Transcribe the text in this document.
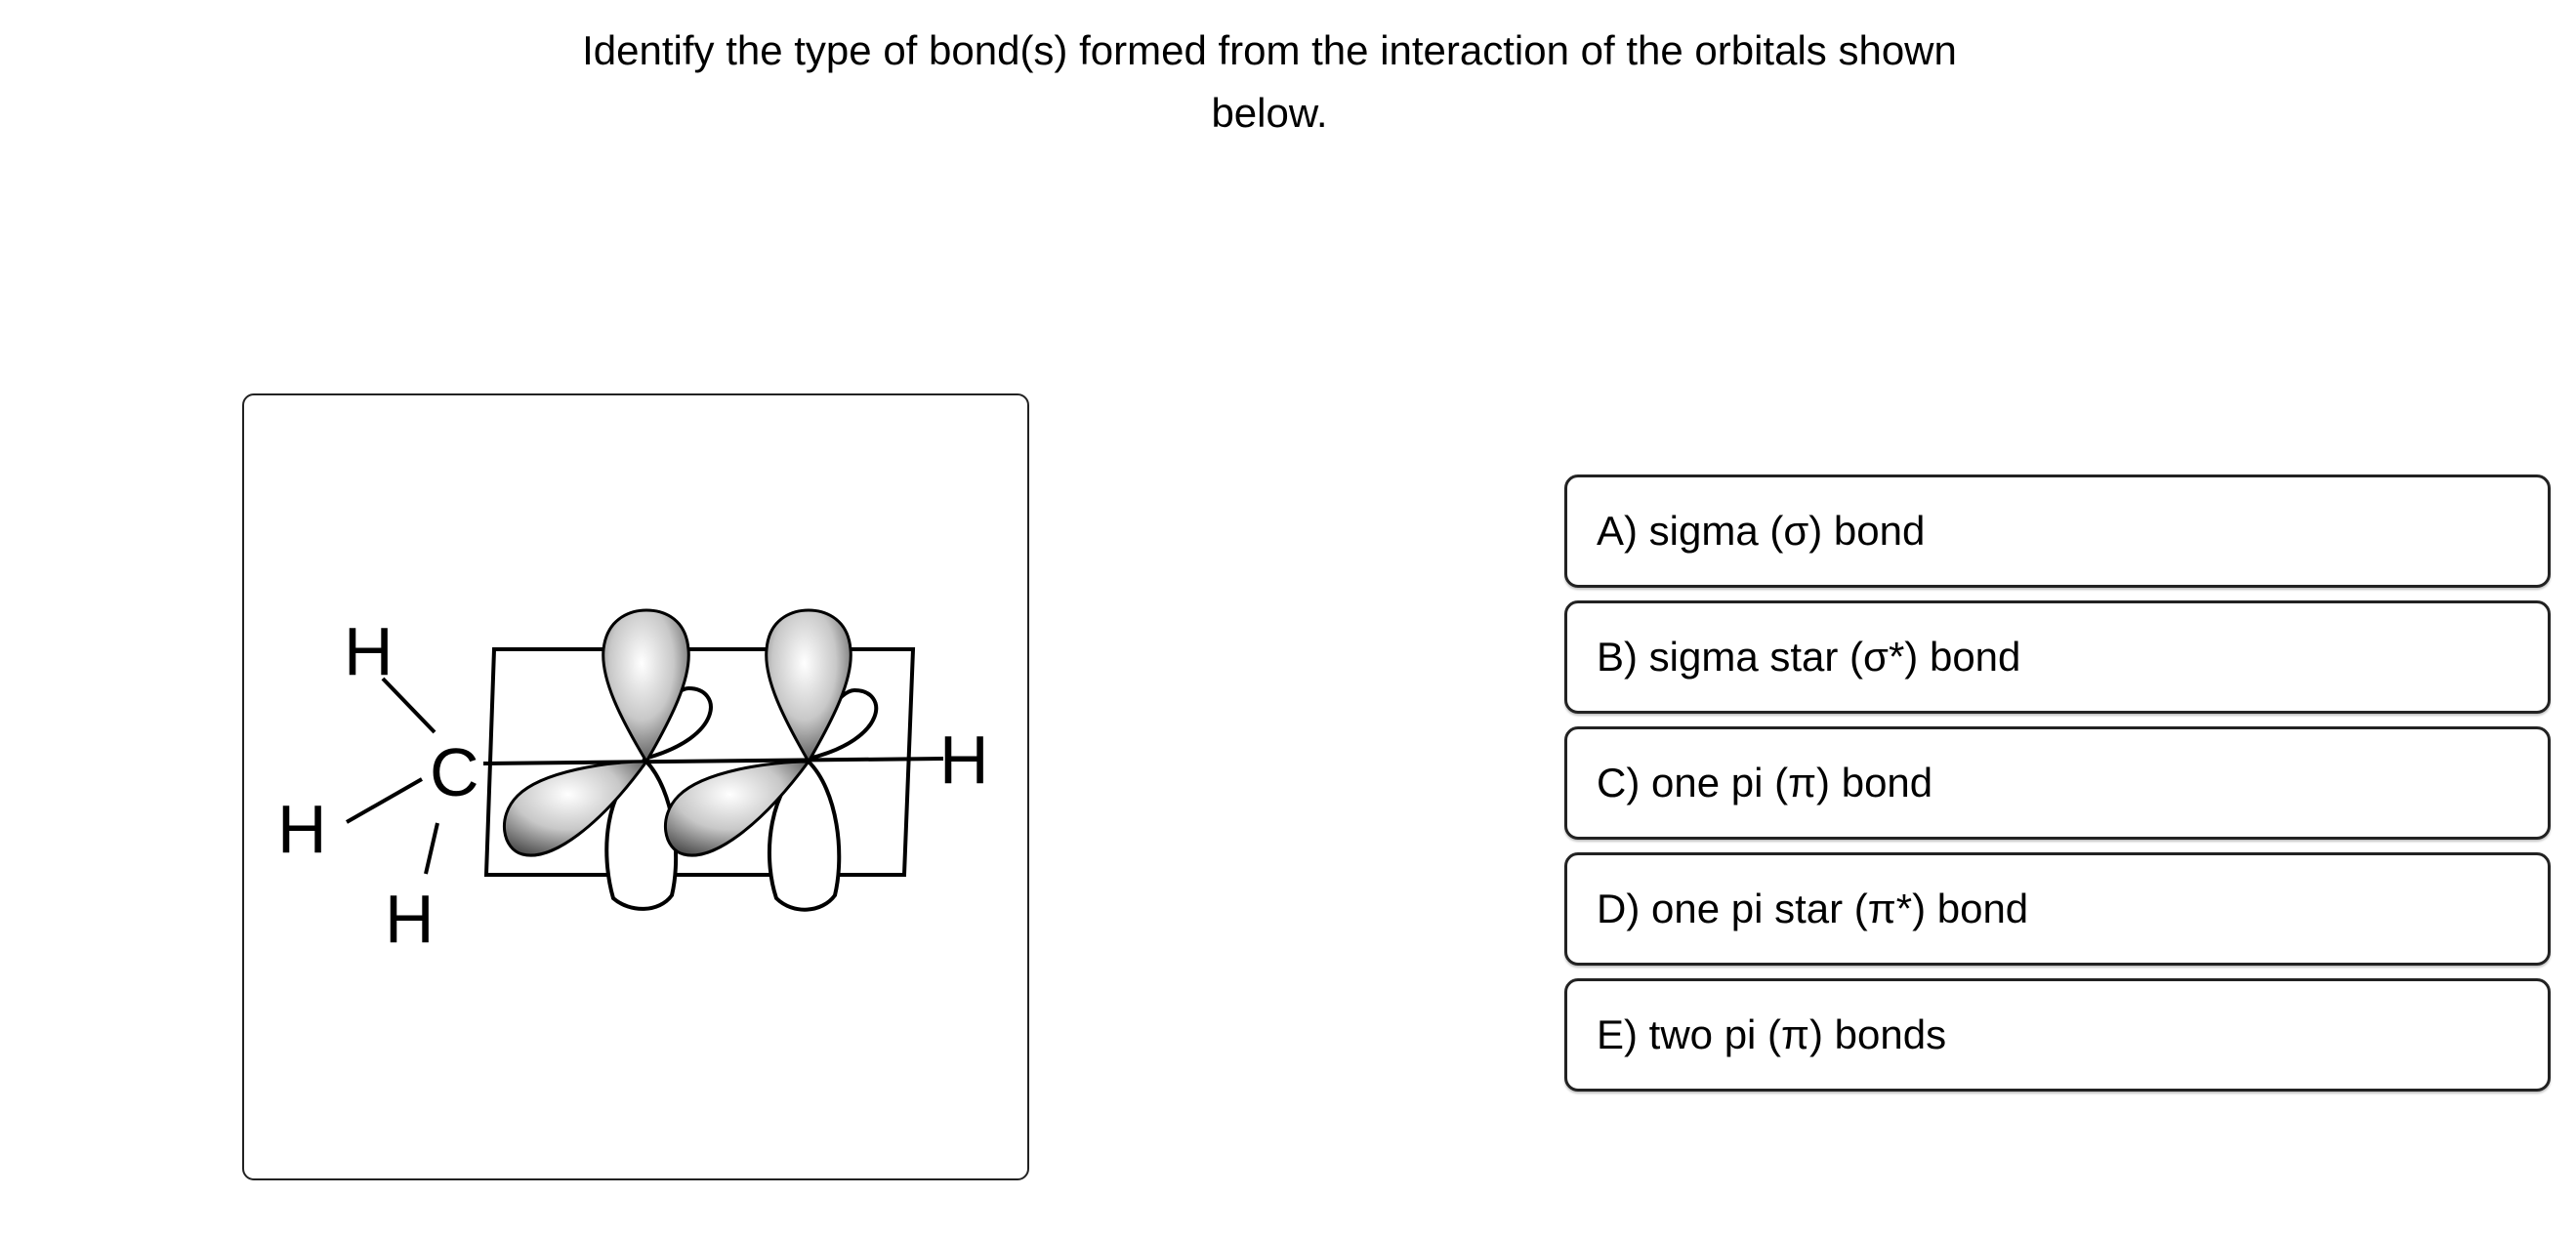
Identify the type of bond(s) formed from the interaction of the orbitals shown
below.
H
C
H
H
H
A) sigma (σ) bond
B) sigma star (σ*) bond
C) one pi (π) bond
D) one pi star (π*) bond
E) two pi (π) bonds
